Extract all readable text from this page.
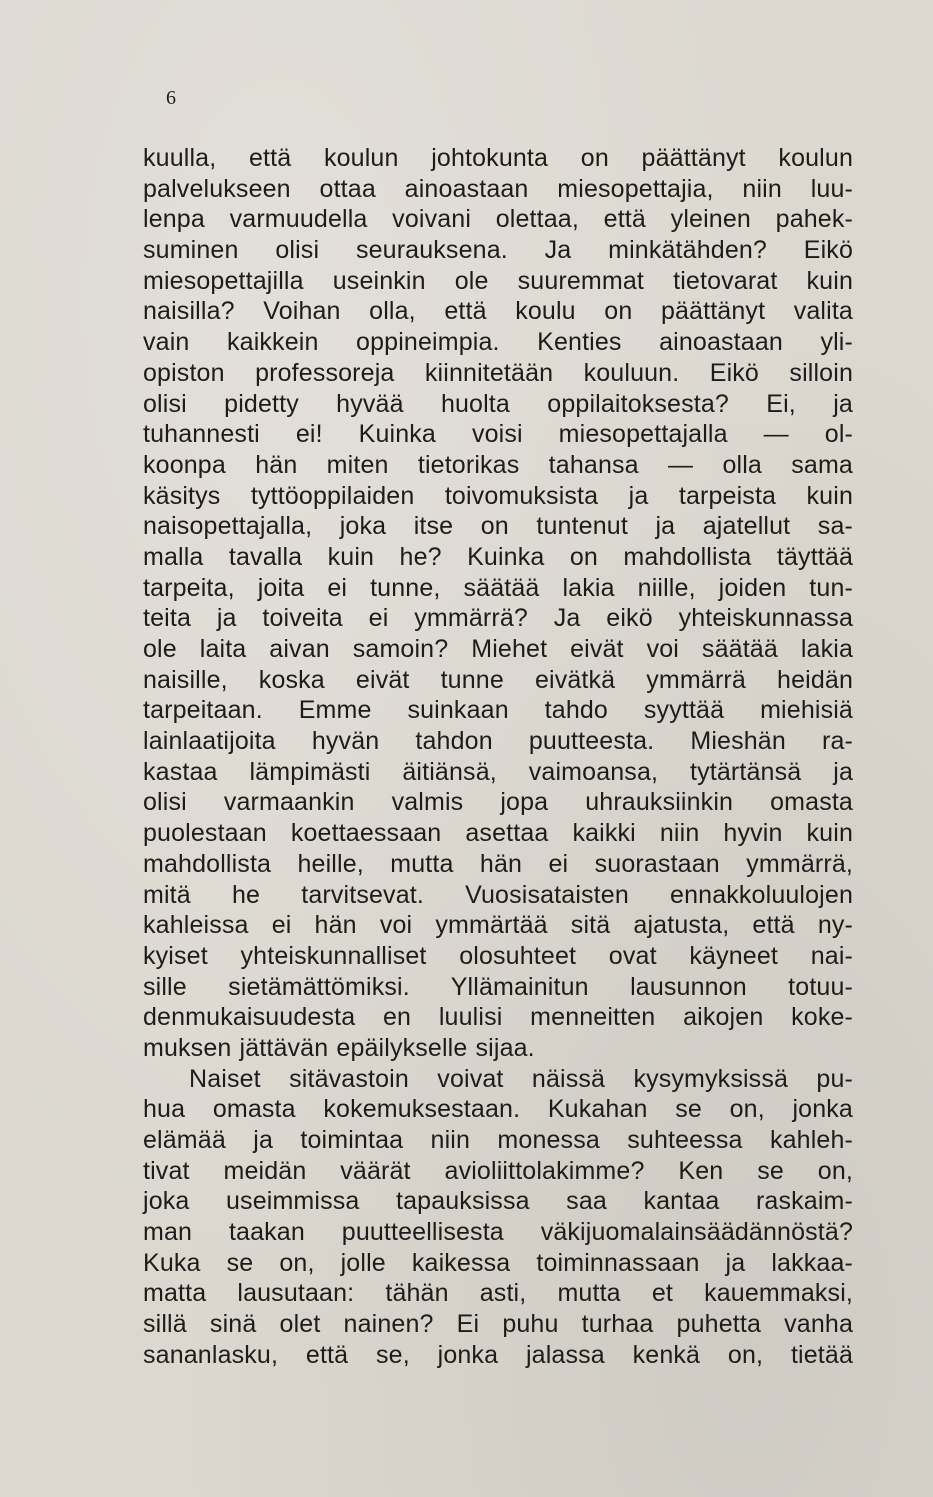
6
kuulla, että koulun johtokunta on päättänyt koulun
palvelukseen ottaa ainoastaan miesopettajia, niin luu-
lenpa varmuudella voivani olettaa, että yleinen pahek-
suminen olisi seurauksena. Ja minkätähden? Eikö
miesopettajilla useinkin ole suuremmat tietovarat kuin
naisilla? Voihan olla, että koulu on päättänyt valita
vain kaikkein oppineimpia. Kenties ainoastaan yli-
opiston professoreja kiinnitetään kouluun. Eikö silloin
olisi pidetty hyvää huolta oppilaitoksesta? Ei, ja
tuhannesti ei! Kuinka voisi miesopettajalla — ol-
koonpa hän miten tietorikas tahansa — olla sama
käsitys tyttöoppilaiden toivomuksista ja tarpeista kuin
naisopettajalla, joka itse on tuntenut ja ajatellut sa-
malla tavalla kuin he? Kuinka on mahdollista täyttää
tarpeita, joita ei tunne, säätää lakia niille, joiden tun-
teita ja toiveita ei ymmärrä? Ja eikö yhteiskunnassa
ole laita aivan samoin? Miehet eivät voi säätää lakia
naisille, koska eivät tunne eivätkä ymmärrä heidän
tarpeitaan. Emme suinkaan tahdo syyttää miehisiä
lainlaatijoita hyvän tahdon puutteesta. Mieshän ra-
kastaa lämpimästi äitiänsä, vaimoansa, tytärtänsä ja
olisi varmaankin valmis jopa uhrauksiinkin omasta
puolestaan koettaessaan asettaa kaikki niin hyvin kuin
mahdollista heille, mutta hän ei suorastaan ymmärrä,
mitä he tarvitsevat. Vuosisataisten ennakkoluulojen
kahleissa ei hän voi ymmärtää sitä ajatusta, että ny-
kyiset yhteiskunnalliset olosuhteet ovat käyneet nai-
sille sietämättömiksi. Yllämainitun lausunnon totuu-
denmukaisuudesta en luulisi menneitten aikojen koke-
muksen jättävän epäilykselle sijaa.
Naiset sitävastoin voivat näissä kysymyksissä pu-
hua omasta kokemuksestaan. Kukahan se on, jonka
elämää ja toimintaa niin monessa suhteessa kahleh-
tivat meidän väärät avioliittolakimme? Ken se on,
joka useimmissa tapauksissa saa kantaa raskaim-
man taakan puutteellisesta väkijuomalainsäädännöstä?
Kuka se on, jolle kaikessa toiminnassaan ja lakkaa-
matta lausutaan: tähän asti, mutta et kauemmaksi,
sillä sinä olet nainen? Ei puhu turhaa puhetta vanha
sananlasku, että se, jonka jalassa kenkä on, tietää
